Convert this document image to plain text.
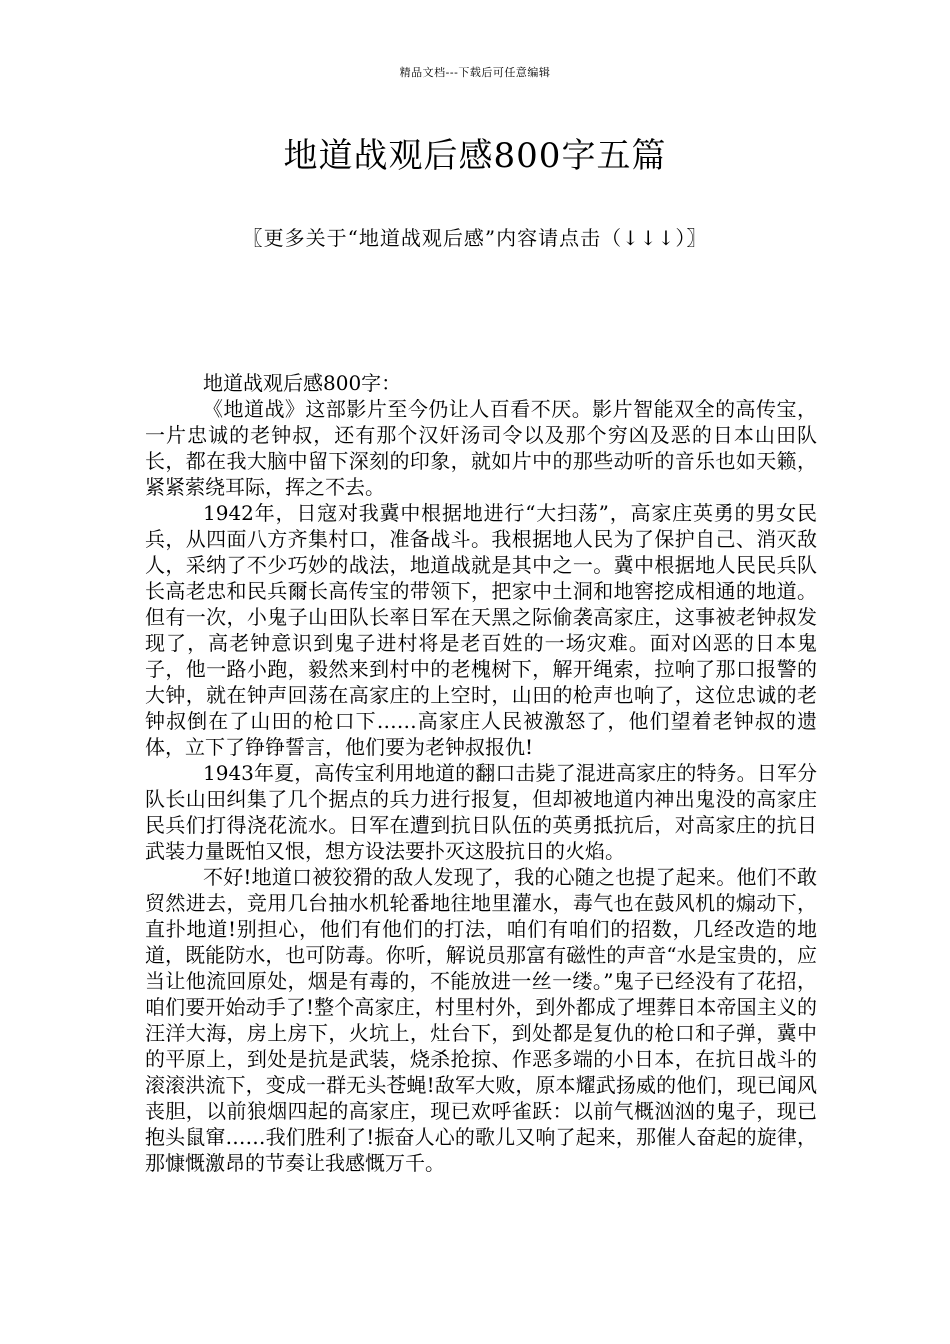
精品文档---下载后可任意编辑
地道战观后感800字五篇
〖更多关于“地道战观后感”内容请点击（↓↓↓）〗

地道战观后感800字：

《地道战》这部影片至今仍让人百看不厌。影片智能双全的高传宝，一片忠诚的老钟叔，还有那个汉奸汤司令以及那个穷凶及恶的日本山田队长，都在我大脑中留下深刻的印象，就如片中的那些动听的音乐也如天籁，紧紧萦绕耳际，挥之不去。

1942年，日寇对我冀中根据地进行“大扫荡”，高家庄英勇的男女民兵，从四面八方齐集村口，准备战斗。我根据地人民为了保护自己、消灭敌人，采纳了不少巧妙的战法，地道战就是其中之一。冀中根据地人民民兵队长高老忠和民兵爾长高传宝的带领下，把家中土洞和地窖挖成相通的地道。但有一次，小鬼子山田队长率日军在天黑之际偷袭高家庄，这事被老钟叔发现了，高老钟意识到鬼子进村将是老百姓的一场灾难。面对凶恶的日本鬼子，他一路小跑，毅然来到村中的老槐树下，解开绳索，拉响了那口报警的大钟，就在钟声回荡在高家庄的上空时，山田的枪声也响了，这位忠诚的老钟叔倒在了山田的枪口下……高家庄人民被激怒了，他们望着老钟叔的遗体，立下了铮铮誓言，他们要为老钟叔报仇!

1943年夏，高传宝利用地道的翻口击毙了混进高家庄的特务。日军分队长山田纠集了几个据点的兵力进行报复，但却被地道内神出鬼没的高家庄民兵们打得浇花流水。日军在遭到抗日队伍的英勇抵抗后，对高家庄的抗日武装力量既怕又恨，想方设法要扑灭这股抗日的火焰。

不好!地道口被狡猾的敌人发现了，我的心随之也提了起来。他们不敢贸然进去，竞用几台抽水机轮番地往地里灌水，毒气也在鼓风机的煽动下，直扑地道!别担心，他们有他们的打法，咱们有咱们的招数，几经改造的地道，既能防水，也可防毒。你听，解说员那富有磁性的声音“水是宝贵的，应当让他流回原处，烟是有毒的，不能放进一丝一缕。”鬼子已经没有了花招，咱们要开始动手了!整个高家庄，村里村外，到外都成了埋葬日本帝国主义的汪洋大海，房上房下，火坑上，灶台下，到处都是复仇的枪口和子弹，冀中的平原上，到处是抗是武装，烧杀抢掠、作恶多端的小日本，在抗日战斗的滚滚洪流下，变成一群无头苍蝇!敌军大败，原本耀武扬威的他们，现已闻风丧胆，以前狼烟四起的高家庄，现已欢呼雀跃：以前气概汹汹的鬼子，现已抱头鼠窜……我们胜利了!振奋人心的歌儿又响了起来，那催人奋起的旋律，那慷慨激昂的节奏让我感慨万千。
